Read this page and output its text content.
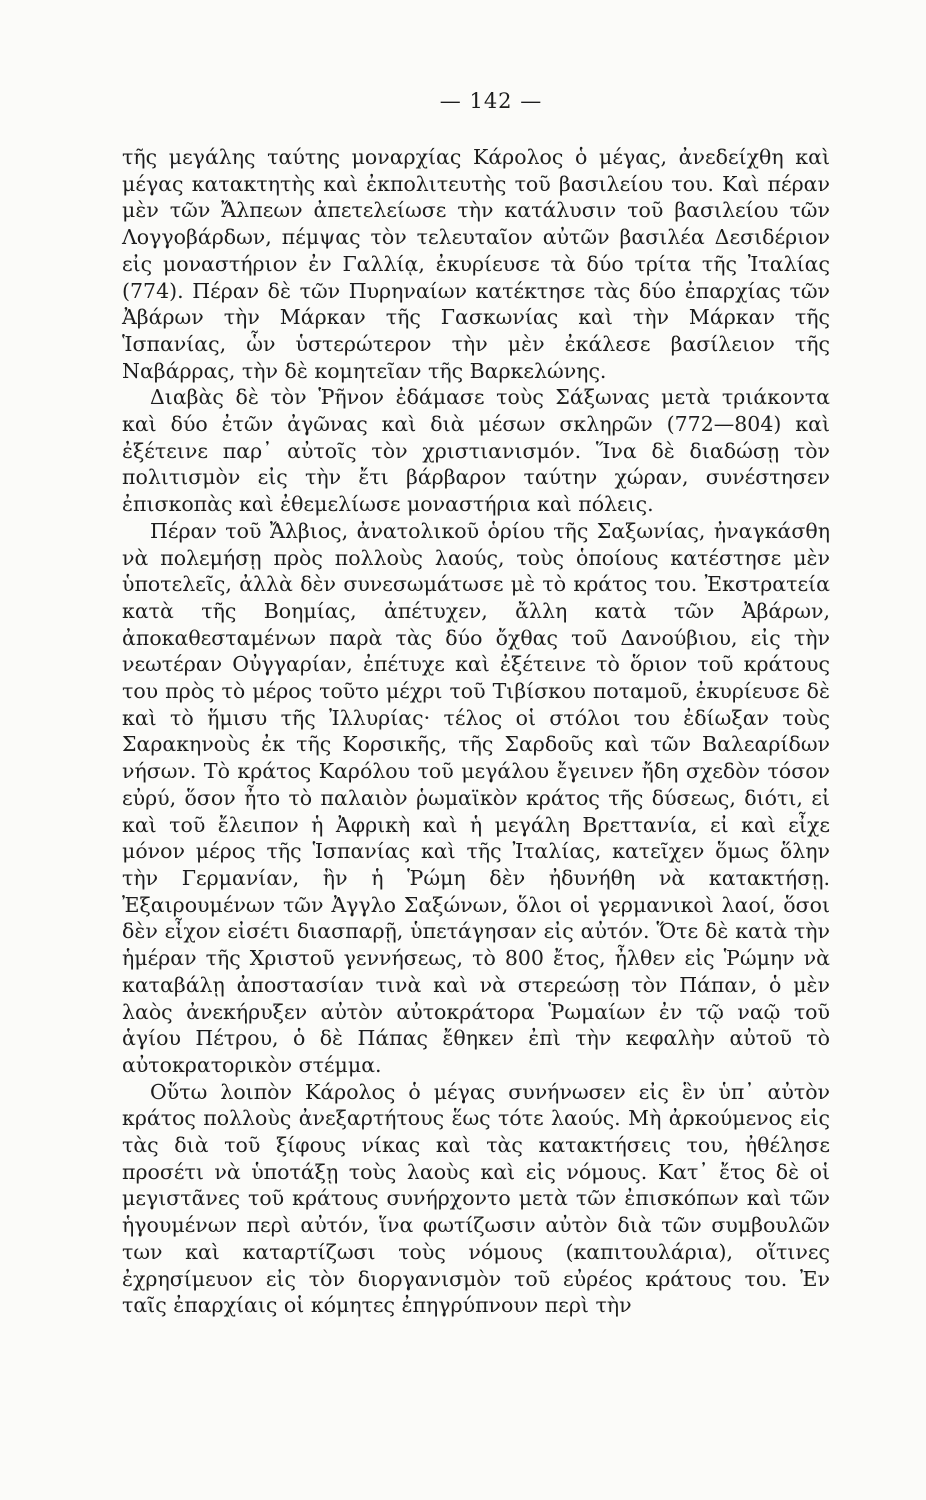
— 142 —

τῆς μεγάλης ταύτης μοναρχίας Κάρολος ὁ μέγας, ἀνεδείχθη καὶ μέγας κατακτητὴς καὶ ἐκπολιτευτὴς τοῦ βασιλείου του. Καὶ πέραν μὲν τῶν Ἄλπεων ἀπετελείωσε τὴν κατάλυσιν τοῦ βασιλείου τῶν Λογγοβάρδων, πέμψας τὸν τελευταῖον αὐτῶν βασιλέα Δεσιδέριον εἰς μοναστήριον ἐν Γαλλίᾳ, ἐκυρίευσε τὰ δύο τρίτα τῆς Ἰταλίας (774). Πέραν δὲ τῶν Πυρηναίων κατέκτησε τὰς δύο ἐπαρχίας τῶν Ἀβάρων τὴν Μάρκαν τῆς Γασκωνίας καὶ τὴν Μάρκαν τῆς Ἱσπανίας, ὧν ὑστερώτερον τὴν μὲν ἐκάλεσε βασίλειον τῆς Ναβάρρας, τὴν δὲ κομητεῖαν τῆς Βαρκελώνης.

Διαβὰς δὲ τὸν Ῥῆνον ἐδάμασε τοὺς Σάξωνας μετὰ τριάκοντα καὶ δύο ἐτῶν ἀγῶνας καὶ διὰ μέσων σκληρῶν (772—804) καὶ ἐξέτεινε παρ᾽ αὐτοῖς τὸν χριστιανισμόν. Ἵνα δὲ διαδώσῃ τὸν πολιτισμὸν εἰς τὴν ἔτι βάρβαρον ταύτην χώραν, συνέστησεν ἐπισκοπὰς καὶ ἐθεμελίωσε μοναστήρια καὶ πόλεις.

Πέραν τοῦ Ἄλβιος, ἀνατολικοῦ ὁρίου τῆς Σαξωνίας, ἠναγκάσθη νὰ πολεμήσῃ πρὸς πολλοὺς λαούς, τοὺς ὁποίους κατέστησε μὲν ὑποτελεῖς, ἀλλὰ δὲν συνεσωμάτωσε μὲ τὸ κράτος του. Ἐκστρατεία κατὰ τῆς Βοημίας, ἀπέτυχεν, ἄλλη κατὰ τῶν Ἀβάρων, ἀποκαθεσταμένων παρὰ τὰς δύο ὄχθας τοῦ Δανούβιου, εἰς τὴν νεωτέραν Οὐγγαρίαν, ἐπέτυχε καὶ ἐξέτεινε τὸ ὅριον τοῦ κράτους του πρὸς τὸ μέρος τοῦτο μέχρι τοῦ Τιβίσκου ποταμοῦ, ἐκυρίευσε δὲ καὶ τὸ ἥμισυ τῆς Ἰλλυρίας· τέλος οἱ στόλοι του ἐδίωξαν τοὺς Σαρακηνοὺς ἐκ τῆς Κορσικῆς, τῆς Σαρδοῦς καὶ τῶν Βαλεαρίδων νήσων. Τὸ κράτος Καρόλου τοῦ μεγάλου ἔγεινεν ἤδη σχεδὸν τόσον εὐρύ, ὅσον ἦτο τὸ παλαιὸν ῥωμαϊκὸν κράτος τῆς δύσεως, διότι, εἰ καὶ τοῦ ἔλειπον ἡ Ἀφρικὴ καὶ ἡ μεγάλη Βρεττανία, εἰ καὶ εἶχε μόνον μέρος τῆς Ἱσπανίας καὶ τῆς Ἰταλίας, κατεῖχεν ὅμως ὅλην τὴν Γερμανίαν, ἣν ἡ Ῥώμη δὲν ἠδυνήθη νὰ κατακτήσῃ. Ἐξαιρουμένων τῶν Ἀγγλο Σαξώνων, ὅλοι οἱ γερμανικοὶ λαοί, ὅσοι δὲν εἶχον εἰσέτι διασπαρῇ, ὑπετάγησαν εἰς αὐτόν. Ὅτε δὲ κατὰ τὴν ἡμέραν τῆς Χριστοῦ γεννήσεως, τὸ 800 ἔτος, ἦλθεν εἰς Ῥώμην νὰ καταβάλῃ ἀποστασίαν τινὰ καὶ νὰ στερεώσῃ τὸν Πάπαν, ὁ μὲν λαὸς ἀνεκήρυξεν αὐτὸν αὐτοκράτορα Ῥωμαίων ἐν τῷ ναῷ τοῦ ἁγίου Πέτρου, ὁ δὲ Πάπας ἔθηκεν ἐπὶ τὴν κεφαλὴν αὐτοῦ τὸ αὐτοκρατορικὸν στέμμα.

Οὕτω λοιπὸν Κάρολος ὁ μέγας συνήνωσεν εἰς ἓν ὑπ᾽ αὐτὸν κράτος πολλοὺς ἀνεξαρτήτους ἕως τότε λαούς. Μὴ ἀρκούμενος εἰς τὰς διὰ τοῦ ξίφους νίκας καὶ τὰς κατακτήσεις του, ἠθέλησε προσέτι νὰ ὑποτάξῃ τοὺς λαοὺς καὶ εἰς νόμους. Κατ᾽ ἔτος δὲ οἱ μεγιστᾶνες τοῦ κράτους συνήρχοντο μετὰ τῶν ἐπισκόπων καὶ τῶν ἡγουμένων περὶ αὐτόν, ἵνα φωτίζωσιν αὐτὸν διὰ τῶν συμβουλῶν των καὶ καταρτίζωσι τοὺς νόμους (καπιτουλάρια), οἵτινες ἐχρησίμευον εἰς τὸν διοργανισμὸν τοῦ εὐρέος κράτους του. Ἐν ταῖς ἐπαρχίαις οἱ κόμητες ἐπηγρύπνουν περὶ τὴν
